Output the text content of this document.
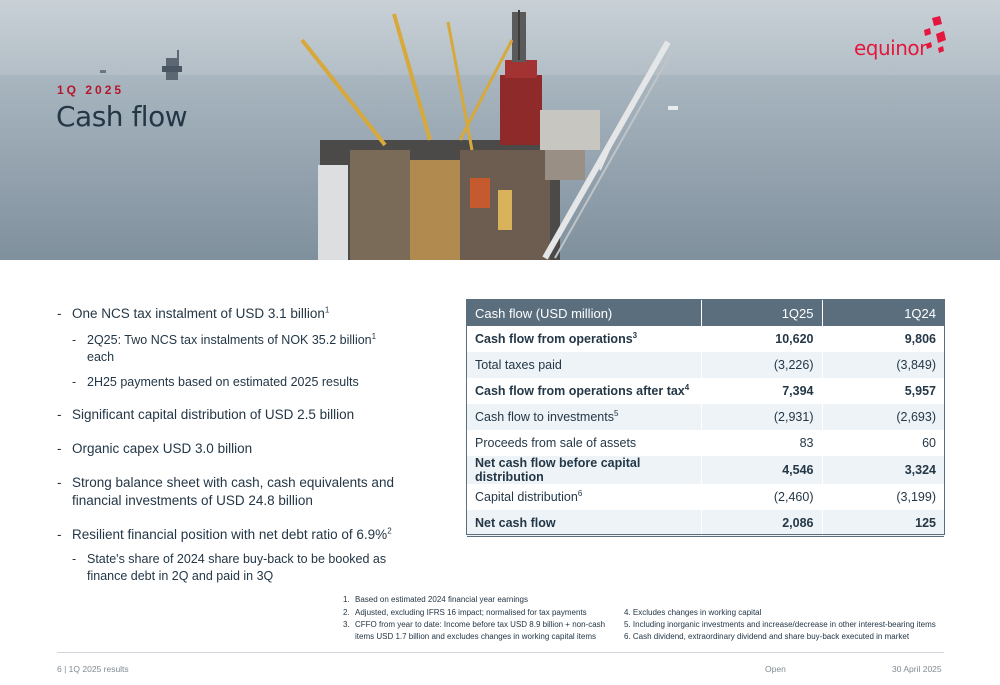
1Q 2025
Cash flow
equinor
- One NCS tax instalment of USD 3.1 billion$^1$
- 2Q25: Two NCS tax instalments of NOK 35.2 billion$^1$ each
- 2H25 payments based on estimated 2025 results
- Significant capital distribution of USD 2.5 billion
- Organic capex USD 3.0 billion
- Strong balance sheet with cash, cash equivalents and financial investments of USD 24.8 billion
- Resilient financial position with net debt ratio of 6.9%$^2$
- State's share of 2024 share buy-back to be booked as finance debt in 2Q and paid in 3Q
Cash flow (USD million)	1Q25	1Q24
Cash flow from operations$^3$	10,620	9,806
Total taxes paid	(3,226)	(3,849)
Cash flow from operations after tax$^4$	7,394	5,957
Cash flow to investments$^5$	(2,931)	(2,693)
Proceeds from sale of assets	83	60
Net cash flow before capital distribution	4,546	3,324
Capital distribution$^6$	(2,460)	(3,199)
Net cash flow	2,086	125
1. Based on estimated 2024 financial year earnings
2. Adjusted, excluding IFRS 16 impact; normalised for tax payments
3. CFFO from year to date: Income before tax USD 8.9 billion + non-cash
items USD 1.7 billion and excludes changes in working capital items
4. Excludes changes in working capital
5. Including inorganic investments and increase/decrease in other interest-bearing items
6. Cash dividend, extraordinary dividend and share buy-back executed in market
6 | 1Q 2025 results	Open	30 April 2025
